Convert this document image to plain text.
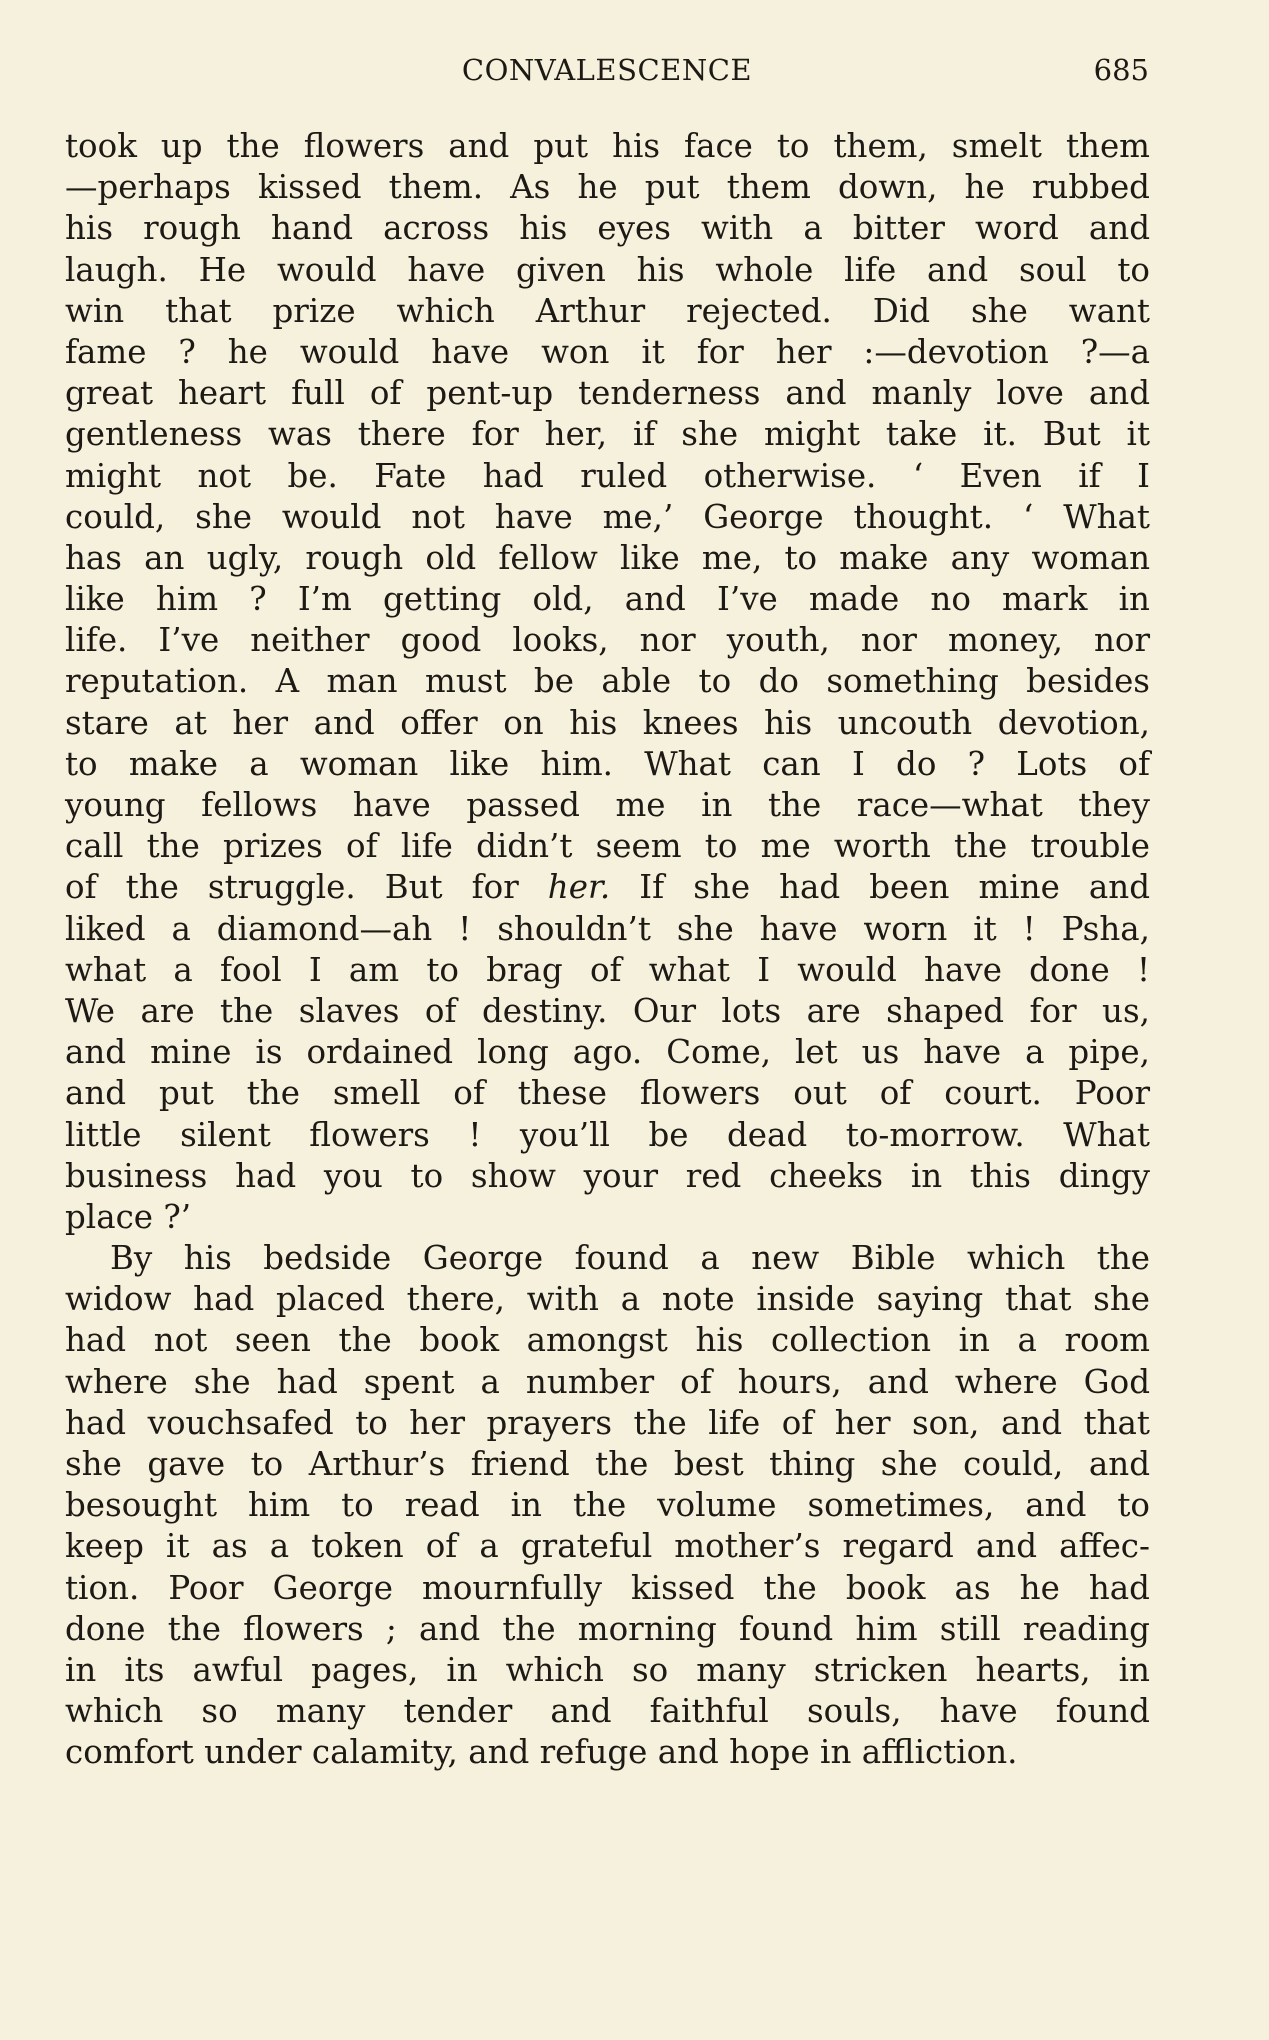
CONVALESCENCE	685
took up the flowers and put his face to them, smelt them
—perhaps kissed them. As he put them down, he rubbed
his rough hand across his eyes with a bitter word and
laugh. He would have given his whole life and soul to
win that prize which Arthur rejected. Did she want
fame ? he would have won it for her :—devotion ?—a
great heart full of pent-up tenderness and manly love and
gentleness was there for her, if she might take it. But it
might not be. Fate had ruled otherwise. ‘ Even if I
could, she would not have me,’ George thought. ‘ What
has an ugly, rough old fellow like me, to make any woman
like him ? I’m getting old, and I’ve made no mark in
life. I’ve neither good looks, nor youth, nor money, nor
reputation. A man must be able to do something besides
stare at her and offer on his knees his uncouth devotion,
to make a woman like him. What can I do ? Lots of
young fellows have passed me in the race—what they
call the prizes of life didn’t seem to me worth the trouble
of the struggle. But for her. If she had been mine and
liked a diamond—ah ! shouldn’t she have worn it ! Psha,
what a fool I am to brag of what I would have done !
We are the slaves of destiny. Our lots are shaped for us,
and mine is ordained long ago. Come, let us have a pipe,
and put the smell of these flowers out of court. Poor
little silent flowers ! you’ll be dead to-morrow. What
business had you to show your red cheeks in this dingy
place ?’
By his bedside George found a new Bible which the
widow had placed there, with a note inside saying that she
had not seen the book amongst his collection in a room
where she had spent a number of hours, and where God
had vouchsafed to her prayers the life of her son, and that
she gave to Arthur’s friend the best thing she could, and
besought him to read in the volume sometimes, and to
keep it as a token of a grateful mother’s regard and affec-
tion. Poor George mournfully kissed the book as he had
done the flowers ; and the morning found him still reading
in its awful pages, in which so many stricken hearts, in
which so many tender and faithful souls, have found
comfort under calamity, and refuge and hope in affliction.
